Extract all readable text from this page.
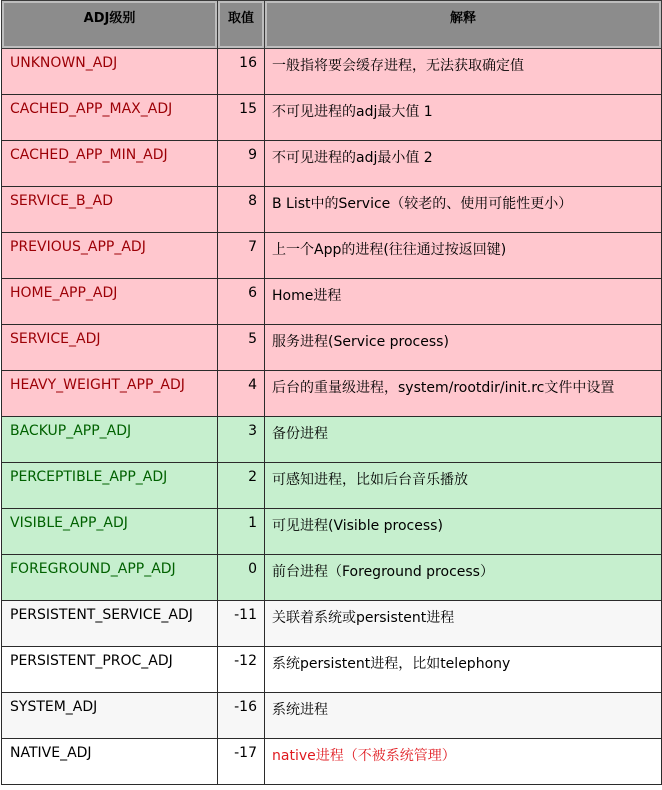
ADJ级别	取值	解释
UNKNOWN_ADJ	16	一般指将要会缓存进程，无法获取确定值
CACHED_APP_MAX_ADJ	15	不可见进程的adj最大值 1
CACHED_APP_MIN_ADJ	9	不可见进程的adj最小值 2
SERVICE_B_AD	8	B List中的Service（较老的、使用可能性更小）
PREVIOUS_APP_ADJ	7	上一个App的进程(往往通过按返回键)
HOME_APP_ADJ	6	Home进程
SERVICE_ADJ	5	服务进程(Service process)
HEAVY_WEIGHT_APP_ADJ	4	后台的重量级进程，system/rootdir/init.rc文件中设置
BACKUP_APP_ADJ	3	备份进程
PERCEPTIBLE_APP_ADJ	2	可感知进程，比如后台音乐播放
VISIBLE_APP_ADJ	1	可见进程(Visible process)
FOREGROUND_APP_ADJ	0	前台进程（Foreground process）
PERSISTENT_SERVICE_ADJ	-11	关联着系统或persistent进程
PERSISTENT_PROC_ADJ	-12	系统persistent进程，比如telephony
SYSTEM_ADJ	-16	系统进程
NATIVE_ADJ	-17	native进程（不被系统管理）
